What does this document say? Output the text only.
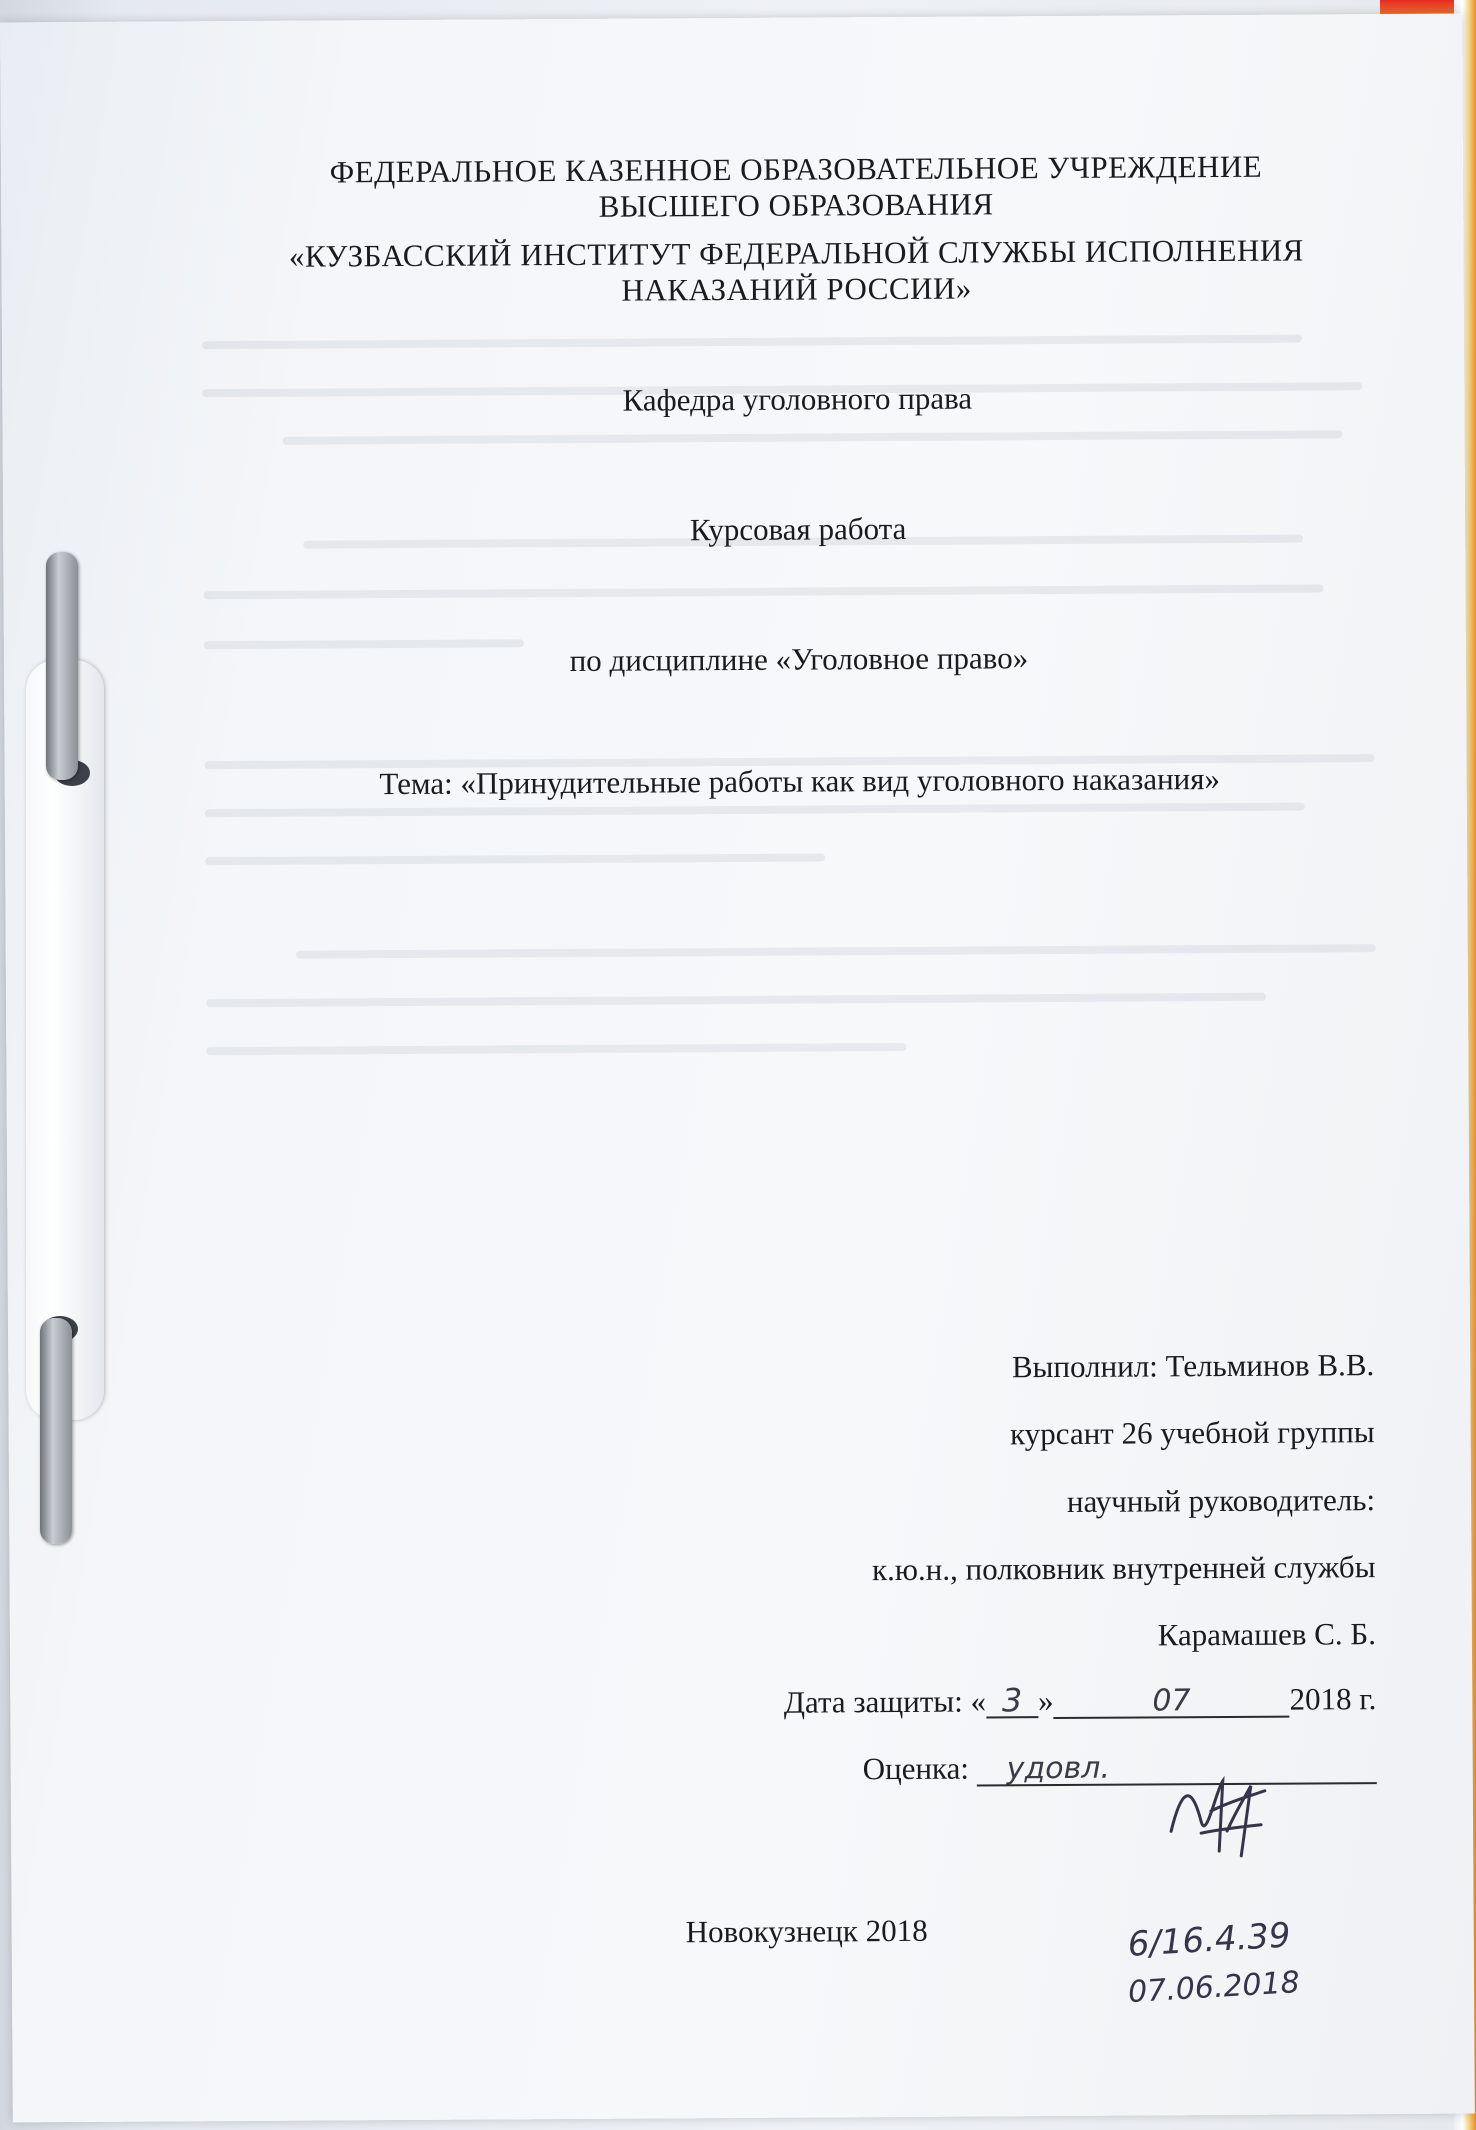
ФЕДЕРАЛЬНОЕ КАЗЕННОЕ ОБРАЗОВАТЕЛЬНОЕ УЧРЕЖДЕНИЕ

ВЫСШЕГО ОБРАЗОВАНИЯ

«КУЗБАССКИЙ ИНСТИТУТ ФЕДЕРАЛЬНОЙ СЛУЖБЫ ИСПОЛНЕНИЯ

НАКАЗАНИЙ РОССИИ»

Кафедра уголовного права

Курсовая работа

по дисциплине «Уголовное право»

Тема: «Принудительные работы как вид уголовного наказания»

Выполнил: Тельминов В.В.

курсант 26 учебной группы

научный руководитель:

к.ю.н., полковник внутренней службы

Карамашев С. Б.

Дата защиты: « 3 »	07	2018 г.

Оценка: удовл.

Новокузнецк 2018	6/16.4.39
07.06.2018
